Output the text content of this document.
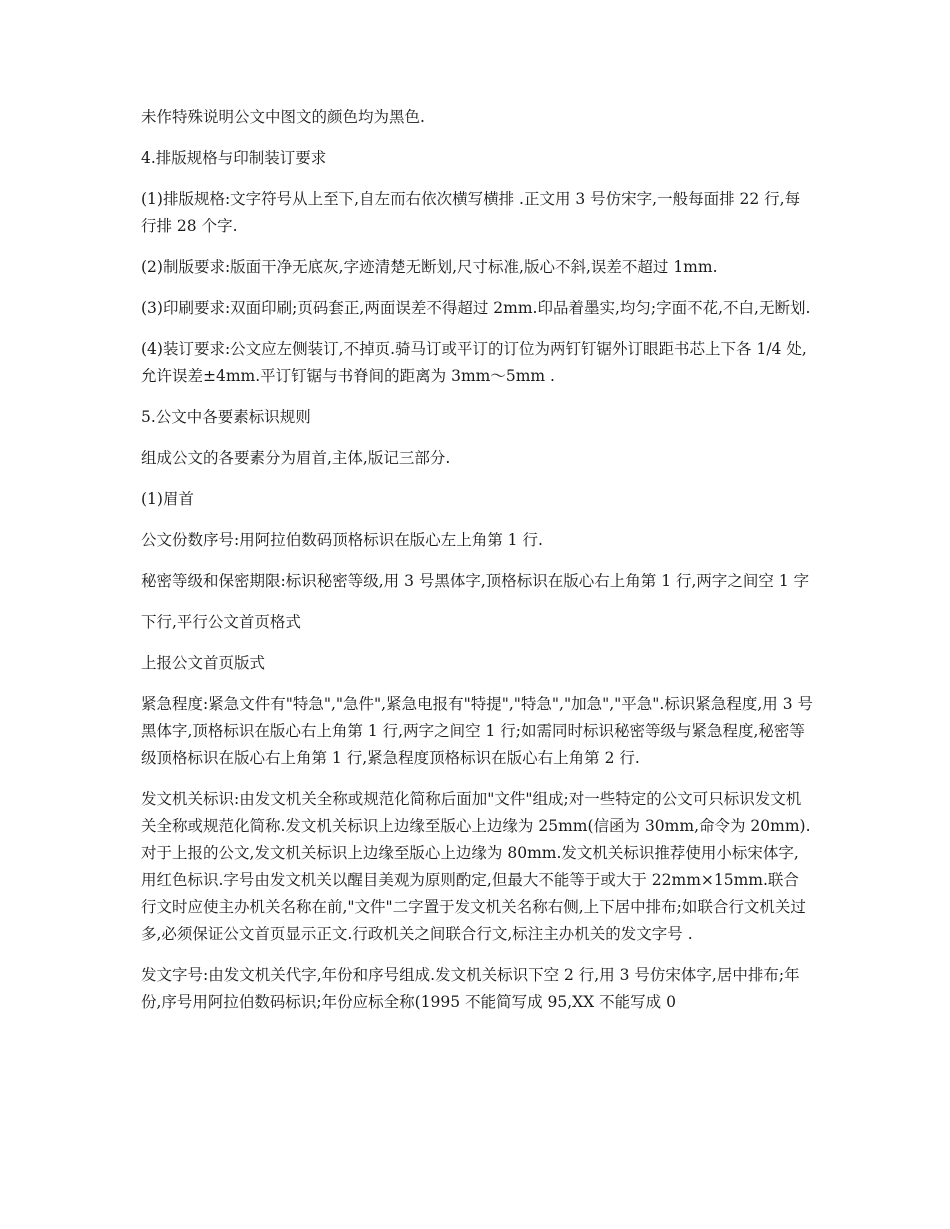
未作特殊说明公文中图文的颜色均为黑色.

4.排版规格与印制装订要求

(1)排版规格:文字符号从上至下,自左而右依次横写横排 .正文用 3 号仿宋字,一般每面排 22 行,每行排 28 个字.

(2)制版要求:版面干净无底灰,字迹清楚无断划,尺寸标准,版心不斜,误差不超过 1mm.

(3)印刷要求:双面印刷;页码套正,两面误差不得超过 2mm.印品着墨实,均匀;字面不花,不白,无断划.

(4)装订要求:公文应左侧装订,不掉页.骑马订或平订的订位为两钉钉锯外订眼距书芯上下各 1/4 处,允许误差±4mm.平订钉锯与书脊间的距离为 3mm～5mm .

5.公文中各要素标识规则

组成公文的各要素分为眉首,主体,版记三部分.

(1)眉首

公文份数序号:用阿拉伯数码顶格标识在版心左上角第 1 行.

秘密等级和保密期限:标识秘密等级,用 3 号黑体字,顶格标识在版心右上角第 1 行,两字之间空 1 字

下行,平行公文首页格式

上报公文首页版式

紧急程度:紧急文件有"特急","急件",紧急电报有"特提","特急","加急","平急".标识紧急程度,用 3 号黑体字,顶格标识在版心右上角第 1 行,两字之间空 1 行;如需同时标识秘密等级与紧急程度,秘密等级顶格标识在版心右上角第 1 行,紧急程度顶格标识在版心右上角第 2 行.

发文机关标识:由发文机关全称或规范化简称后面加"文件"组成;对一些特定的公文可只标识发文机关全称或规范化简称.发文机关标识上边缘至版心上边缘为 25mm(信函为 30mm,命令为 20mm).对于上报的公文,发文机关标识上边缘至版心上边缘为 80mm.发文机关标识推荐使用小标宋体字,用红色标识.字号由发文机关以醒目美观为原则酌定,但最大不能等于或大于 22mm×15mm.联合行文时应使主办机关名称在前,"文件"二字置于发文机关名称右侧,上下居中排布;如联合行文机关过多,必须保证公文首页显示正文.行政机关之间联合行文,标注主办机关的发文字号 .

发文字号:由发文机关代字,年份和序号组成.发文机关标识下空 2 行,用 3 号仿宋体字,居中排布;年份,序号用阿拉伯数码标识;年份应标全称(1995 不能简写成 95,XX 不能写成 0
